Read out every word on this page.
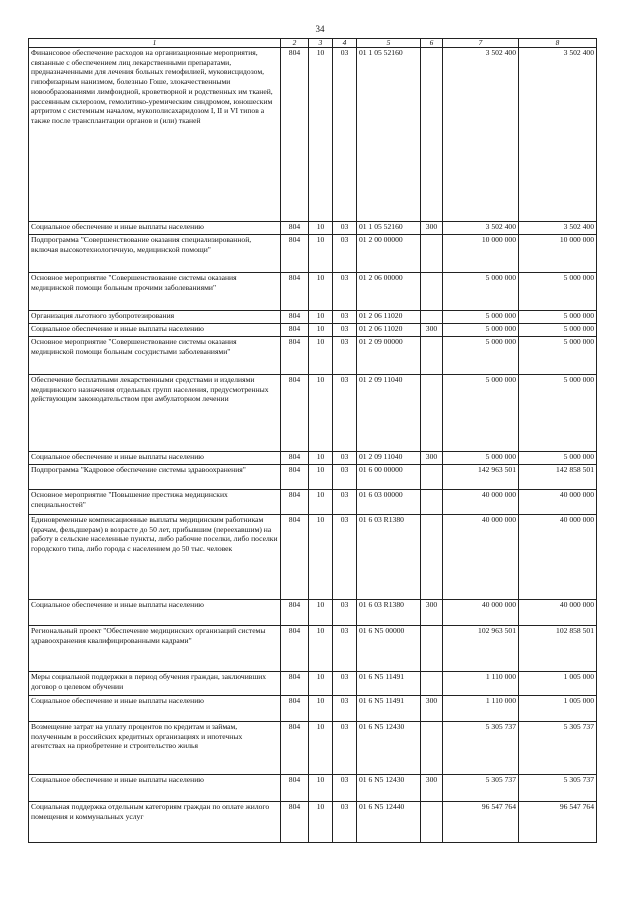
34
1	2	3	4	5	6	7	8
Финансовое обеспечение расходов на организационные мероприятия, связанные с обеспечением лиц лекарственными препаратами, предназначенными для лечения больных гемофилией, муковисцидозом, гипофизарным нанизмом, болезнью Гоше, злокачественными новообразованиями лимфоидной, кроветворной и родственных им тканей, рассеянным склерозом, гемолитико-уремическим синдромом, юношеским артритом с системным началом, мукополисахаридозом I, II и VI типов а также после трансплантации органов и (или) тканей	804	10	03	01 1 05 52160		3 502 400	3 502 400
Социальное обеспечение и иные выплаты населению	804	10	03	01 1 05 52160	300	3 502 400	3 502 400
Подпрограмма "Совершенствование оказания специализированной, включая высокотехнологичную, медицинской помощи"	804	10	03	01 2 00 00000		10 000 000	10 000 000
Основное мероприятие "Совершенствование системы оказания медицинской помощи больным прочими заболеваниями"	804	10	03	01 2 06 00000		5 000 000	5 000 000
Организация льготного зубопротезирования	804	10	03	01 2 06 11020		5 000 000	5 000 000
Социальное обеспечение и иные выплаты населению	804	10	03	01 2 06 11020	300	5 000 000	5 000 000
Основное мероприятие "Совершенствование системы оказания медицинской помощи больным сосудистыми заболеваниями"	804	10	03	01 2 09 00000		5 000 000	5 000 000
Обеспечение бесплатными лекарственными средствами и изделиями медицинского назначения отдельных групп населения, предусмотренных действующим законодательством при амбулаторном лечении	804	10	03	01 2 09 11040		5 000 000	5 000 000
Социальное обеспечение и иные выплаты населению	804	10	03	01 2 09 11040	300	5 000 000	5 000 000
Подпрограмма "Кадровое обеспечение системы здравоохранения"	804	10	03	01 6 00 00000		142 963 501	142 858 501
Основное мероприятие "Повышение престижа медицинских специальностей"	804	10	03	01 6 03 00000		40 000 000	40 000 000
Единовременные компенсационные выплаты медицинским работникам (врачам, фельдшерам) в возрасте до 50 лет, прибывшим (переехавшим) на работу в сельские населенные пункты, либо рабочие поселки, либо поселки городского типа, либо города с населением до 50 тыс. человек	804	10	03	01 6 03 R1380		40 000 000	40 000 000
Социальное обеспечение и иные выплаты населению	804	10	03	01 6 03 R1380	300	40 000 000	40 000 000
Региональный проект "Обеспечение медицинских организаций системы здравоохранения квалифицированными кадрами"	804	10	03	01 6 N5 00000		102 963 501	102 858 501
Меры социальной поддержки в период обучения граждан, заключивших договор о целевом обучении	804	10	03	01 6 N5 11491		1 110 000	1 005 000
Социальное обеспечение и иные выплаты населению	804	10	03	01 6 N5 11491	300	1 110 000	1 005 000
Возмещение затрат на уплату процентов по кредитам и займам, полученным в российских кредитных организациях и ипотечных агентствах на приобретение и строительство жилья	804	10	03	01 6 N5 12430		5 305 737	5 305 737
Социальное обеспечение и иные выплаты населению	804	10	03	01 6 N5 12430	300	5 305 737	5 305 737
Социальная поддержка отдельным категориям граждан по оплате жилого помещения и коммунальных услуг	804	10	03	01 6 N5 12440		96 547 764	96 547 764
